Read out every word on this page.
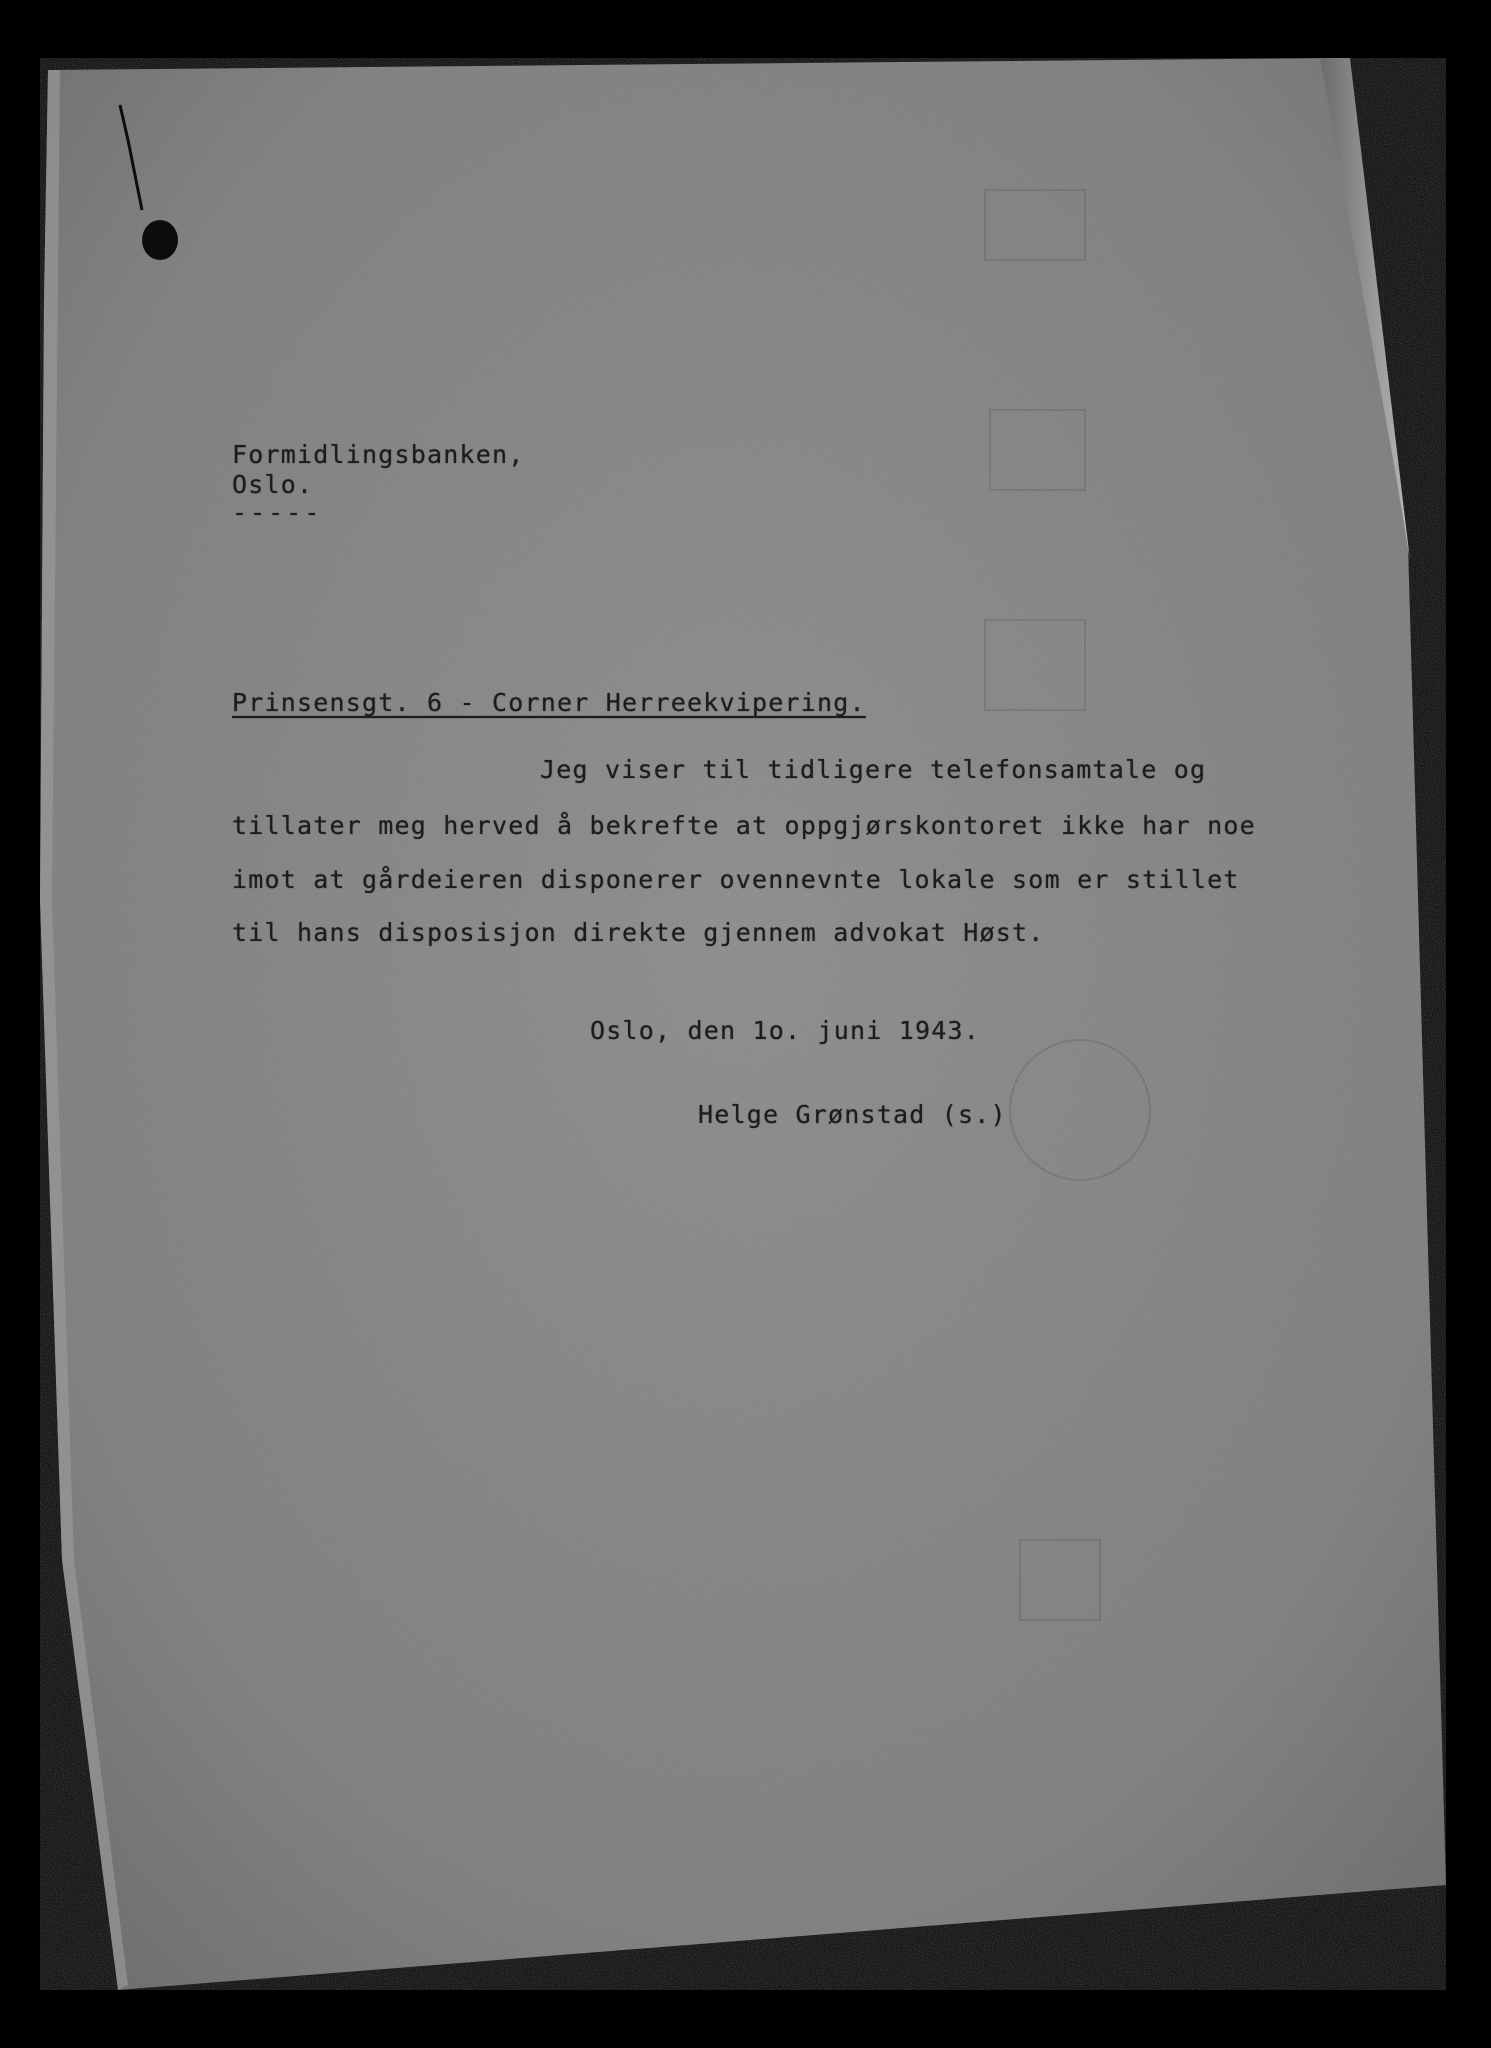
Formidlingsbanken,
Oslo.
-----
Prinsensgt. 6 - Corner Herreekvipering.
Jeg viser til tidligere telefonsamtale og
tillater meg herved å bekrefte at oppgjørskontoret ikke har noe
imot at gårdeieren disponerer ovennevnte lokale som er stillet
til hans disposisjon direkte gjennem advokat Høst.
Oslo, den 1o. juni 1943.
Helge Grønstad (s.)
